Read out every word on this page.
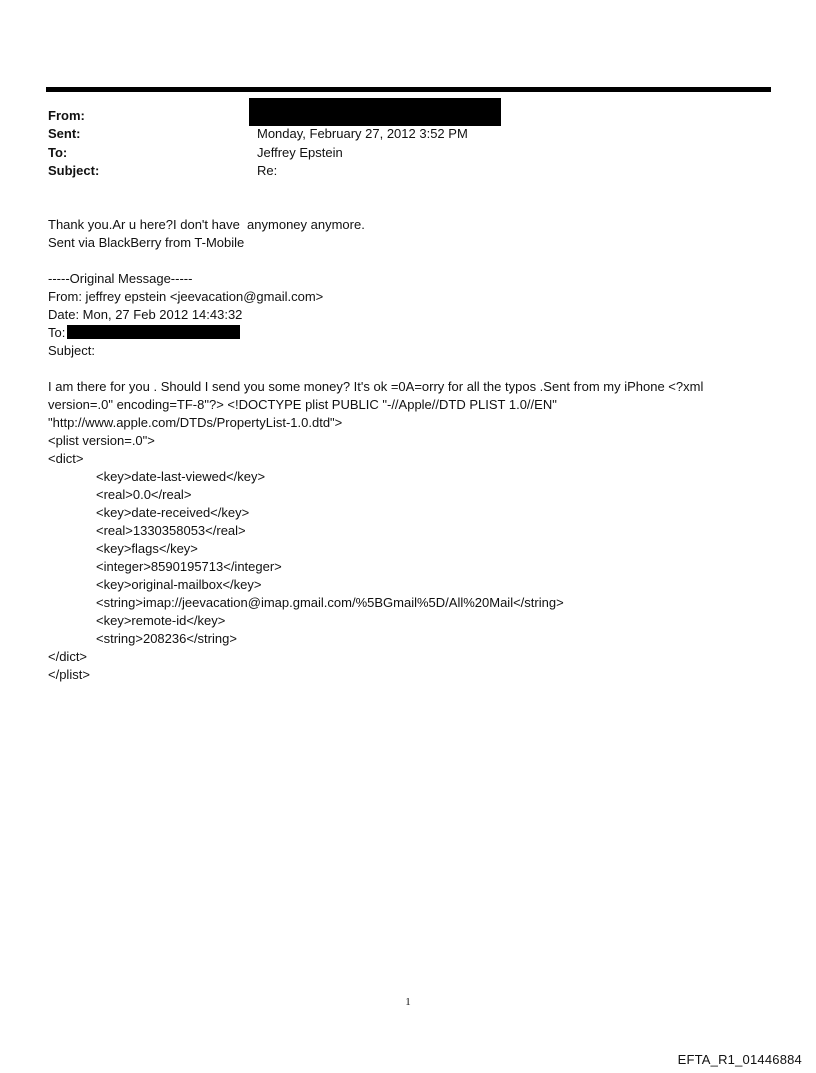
From:
Sent:
To:
Subject:
Monday, February 27, 2012 3:52 PM
Jeffrey Epstein
Re:
Thank you.Ar u here?I don't have  anymoney anymore.
Sent via BlackBerry from T-Mobile
-----Original Message-----
From: jeffrey epstein <jeevacation@gmail.com>
Date: Mon, 27 Feb 2012 14:43:32
To:
Subject:
I am there for you . Should I send you some money? It's ok =0A=orry for all the typos .Sent from my iPhone <?xml
version=.0" encoding=TF-8"?> <!DOCTYPE plist PUBLIC "-//Apple//DTD PLIST 1.0//EN"
"http://www.apple.com/DTDs/PropertyList-1.0.dtd">
<plist version=.0">
<dict>
<key>date-last-viewed</key>
<real>0.0</real>
<key>date-received</key>
<real>1330358053</real>
<key>flags</key>
<integer>8590195713</integer>
<key>original-mailbox</key>
<string>imap://jeevacation@imap.gmail.com/%5BGmail%5D/All%20Mail</string>
<key>remote-id</key>
<string>208236</string>
</dict>
</plist>
1
EFTA_R1_01446884
